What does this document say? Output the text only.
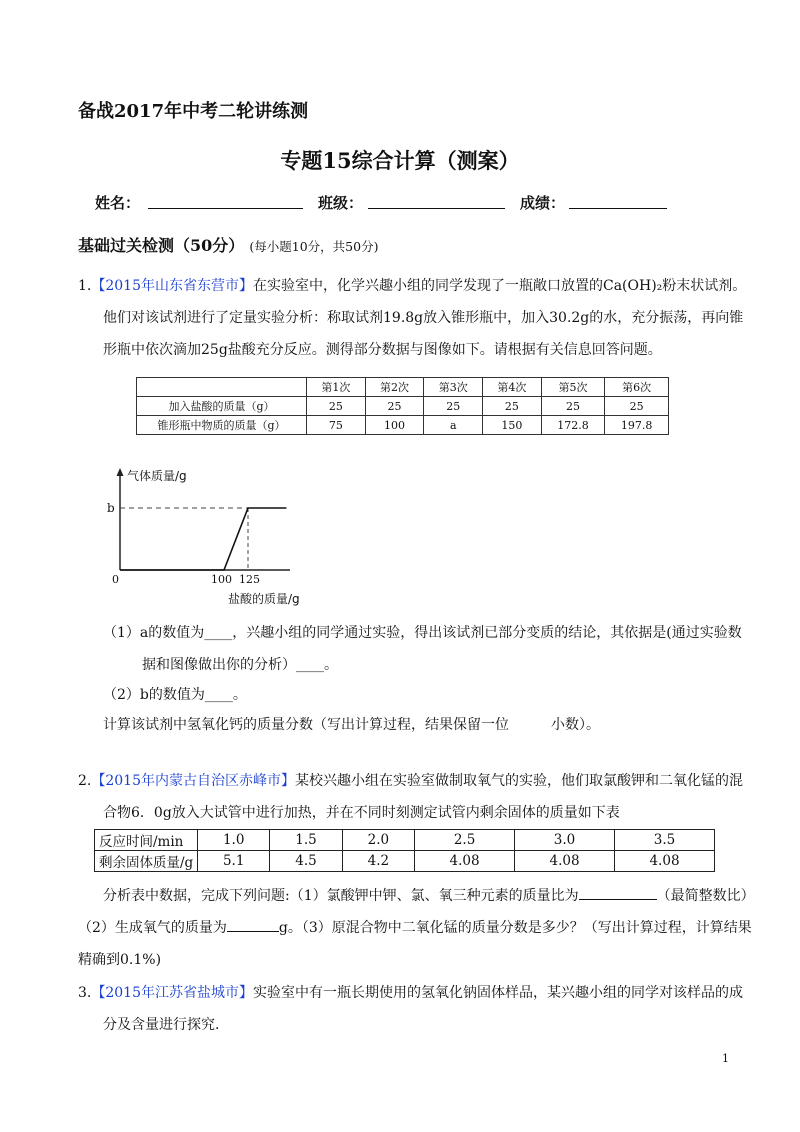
备战2017年中考二轮讲练测
专题15综合计算（测案）
姓名：	班级：	成绩：
基础过关检测（50分） (每小题10分，共50分)
1.【2015年山东省东营市】在实验室中，化学兴趣小组的同学发现了一瓶敞口放置的Ca(OH)₂粉末状试剂。
他们对该试剂进行了定量实验分析：称取试剂19.8g放入锥形瓶中，加入30.2g的水，充分振荡，再向锥
形瓶中依次滴加25g盐酸充分反应。测得部分数据与图像如下。请根据有关信息回答问题。
	第1次	第2次	第3次	第4次	第5次	第6次
加入盐酸的质量（g）	25	25	25	25	25	25
锥形瓶中物质的质量（g）	75	100	a	150	172.8	197.8
气体质量/g
b
0	100 125
盐酸的质量/g
（1）a的数值为____，兴趣小组的同学通过实验，得出该试剂已部分变质的结论，其依据是(通过实验数
据和图像做出你的分析）____。
（2）b的数值为____。
计算该试剂中氢氧化钙的质量分数（写出计算过程，结果保留一位　　　小数）。
2.【2015年内蒙古自治区赤峰市】某校兴趣小组在实验室做制取氧气的实验，他们取氯酸钾和二氧化锰的混
合物6．0g放入大试管中进行加热，并在不同时刻测定试管内剩余固体的质量如下表
反应时间/min	1.0	1.5	2.0	2.5	3.0	3.5
剩余固体质量/g	5.1	4.5	4.2	4.08	4.08	4.08
分析表中数据，完成下列问题:（1）氯酸钾中钾、氯、氧三种元素的质量比为	（最简整数比）
（2）生成氧气的质量为	g。（3）原混合物中二氧化锰的质量分数是多少？（写出计算过程，计算结果
精确到0.1%)
3.【2015年江苏省盐城市】实验室中有一瓶长期使用的氢氧化钠固体样品，某兴趣小组的同学对该样品的成
分及含量进行探究.
1
